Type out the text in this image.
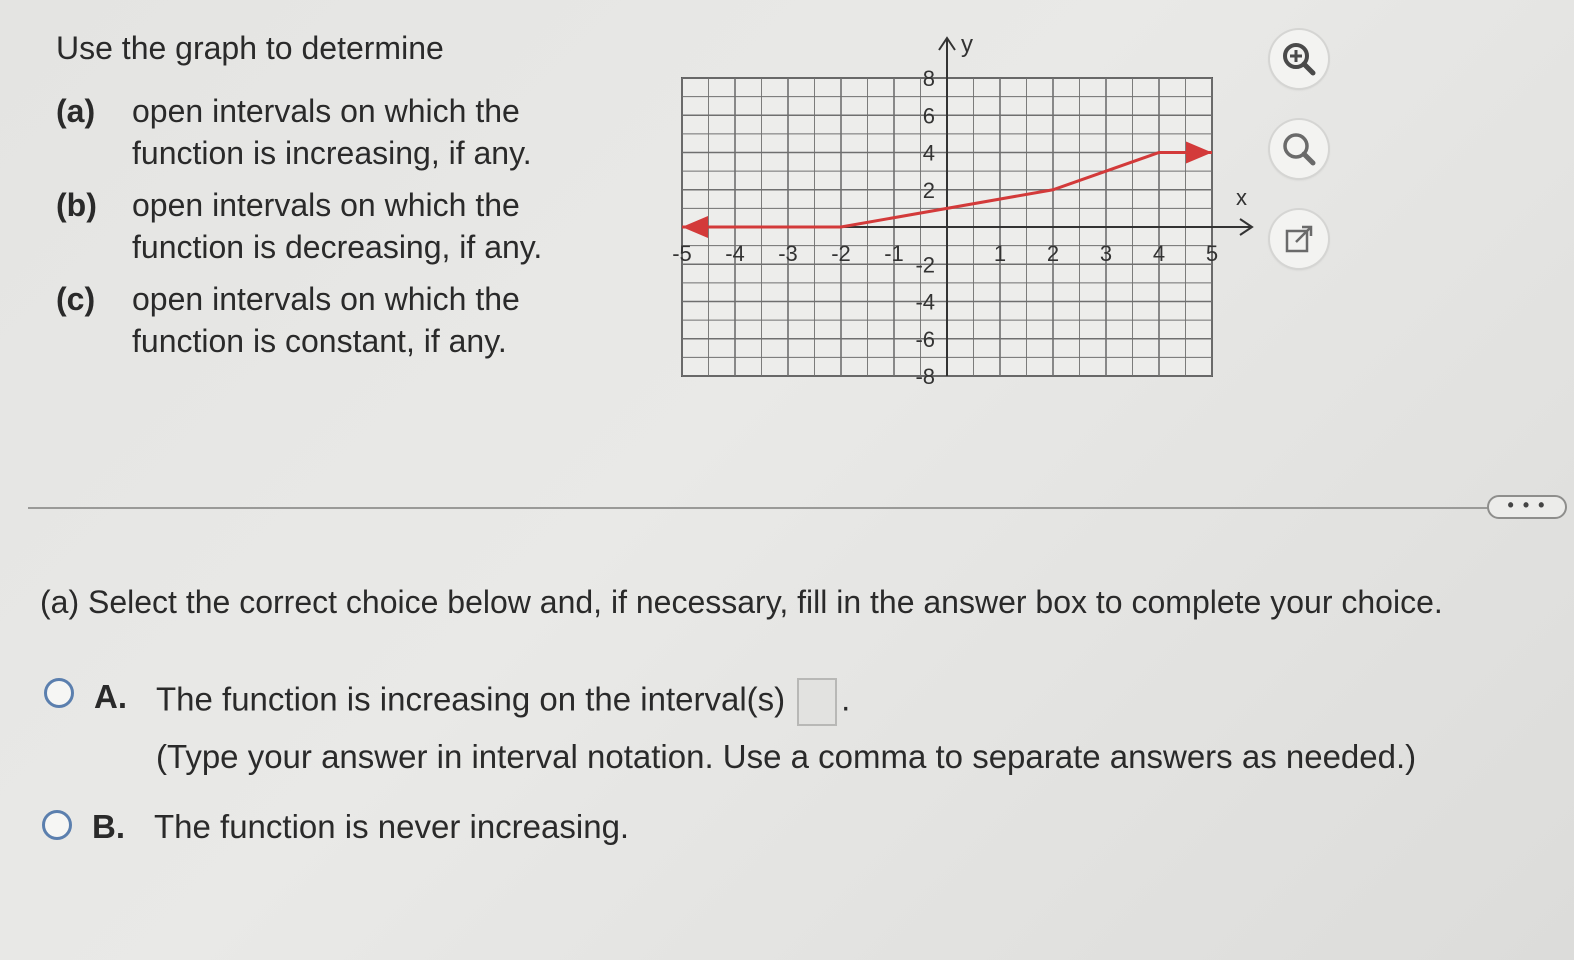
Use the graph to determine

(a)	open intervals on which the
function is increasing, if any.
(b)	open intervals on which the
function is decreasing, if any.
(c)	open intervals on which the
function is constant, if any.
x
y
-5 -4 -3 -2 -1	1 2 3 4 5
8
6
4
2
-2
-4
-6
-8
• • •
(a) Select the correct choice below and, if necessary, fill in the answer box to complete your choice.
A. The function is increasing on the interval(s) .
(Type your answer in interval notation. Use a comma to separate answers as needed.)
B. The function is never increasing.
